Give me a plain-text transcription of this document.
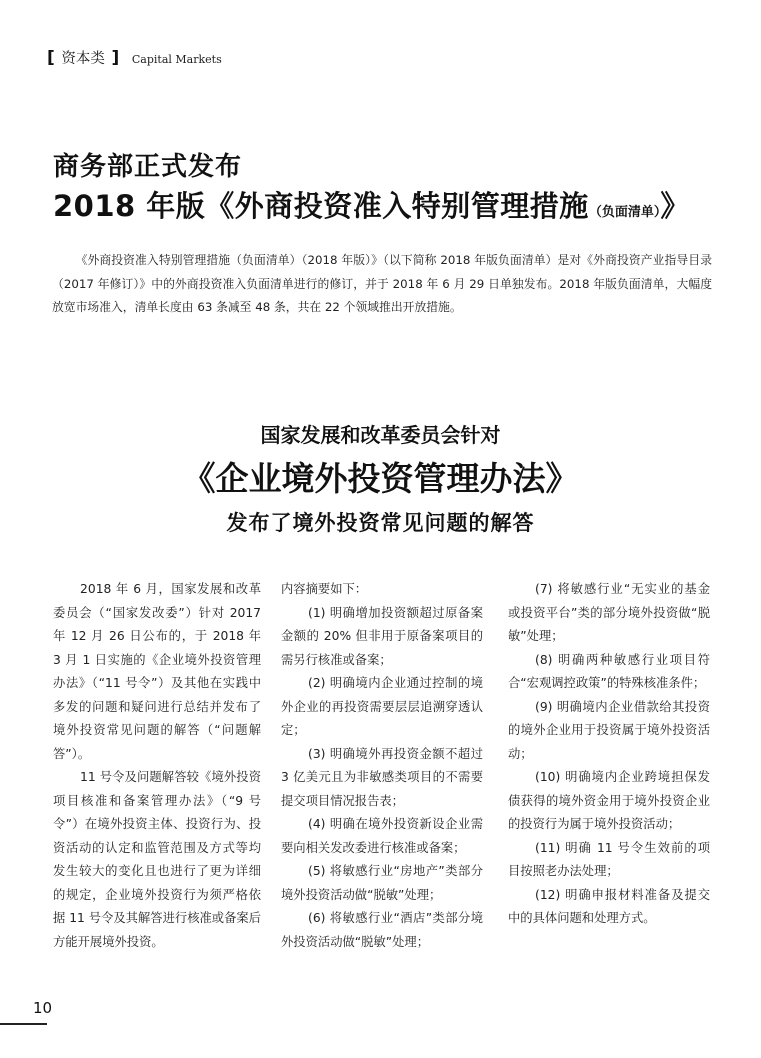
[ 资本类 ] Capital Markets
商务部正式发布
2018 年版《外商投资准入特别管理措施（负面清单）》
《外商投资准入特别管理措施（负面清单）（2018 年版）》（以下简称 2018 年版负面清单）是对《外商投资产业指导目录（2017 年修订）》中的外商投资准入负面清单进行的修订，并于 2018 年 6 月 29 日单独发布。2018 年版负面清单，大幅度放宽市场准入，清单长度由 63 条减至 48 条，共在 22 个领域推出开放措施。
国家发展和改革委员会针对
《企业境外投资管理办法》
发布了境外投资常见问题的解答

2018 年 6 月，国家发展和改革委员会（“国家发改委”）针对 2017 年 12 月 26 日公布的，于 2018 年 3 月 1 日实施的《企业境外投资管理办法》（“11 号令”）及其他在实践中多发的问题和疑问进行总结并发布了境外投资常见问题的解答（“问题解答”）。

11 号令及问题解答较《境外投资项目核准和备案管理办法》（“9 号令”）在境外投资主体、投资行为、投资活动的认定和监管范围及方式等均发生较大的变化且也进行了更为详细的规定，企业境外投资行为须严格依据 11 号令及其解答进行核准或备案后方能开展境外投资。

内容摘要如下：

(1) 明确增加投资额超过原备案金额的 20% 但非用于原备案项目的需另行核准或备案；

(2) 明确境内企业通过控制的境外企业的再投资需要层层追溯穿透认定；

(3) 明确境外再投资金额不超过 3 亿美元且为非敏感类项目的不需要提交项目情况报告表；

(4) 明确在境外投资新设企业需要向相关发改委进行核准或备案；

(5) 将敏感行业“房地产”类部分境外投资活动做“脱敏”处理；

(6) 将敏感行业“酒店”类部分境外投资活动做“脱敏”处理；

(7) 将敏感行业“无实业的基金或投资平台”类的部分境外投资做“脱敏”处理；

(8) 明确两种敏感行业项目符合“宏观调控政策”的特殊核准条件；

(9) 明确境内企业借款给其投资的境外企业用于投资属于境外投资活动；

(10) 明确境内企业跨境担保发债获得的境外资金用于境外投资企业的投资行为属于境外投资活动；

(11) 明确 11 号令生效前的项目按照老办法处理；

(12) 明确申报材料准备及提交中的具体问题和处理方式。

10
